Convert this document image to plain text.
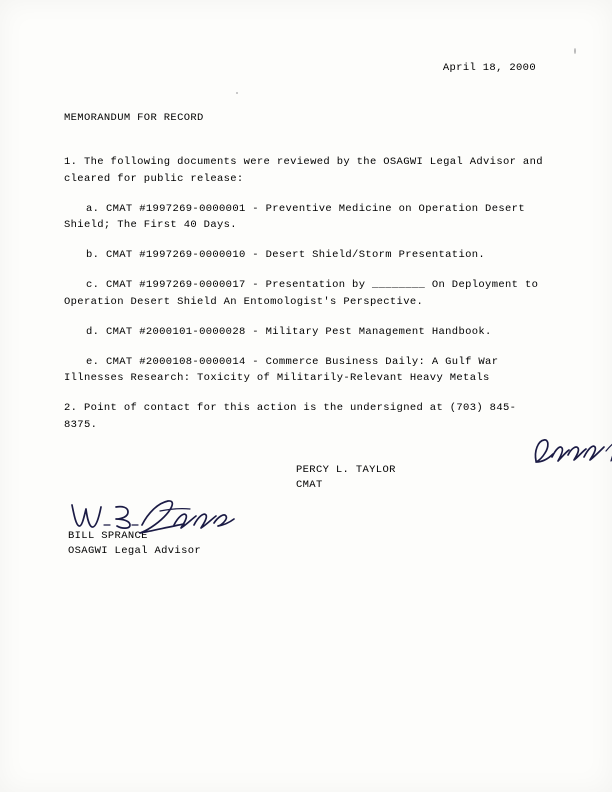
April 18, 2000
MEMORANDUM FOR RECORD
1. The following documents were reviewed by the OSAGWI Legal Advisor and cleared for public release:
a. CMAT #1997269-0000001 - Preventive Medicine on Operation Desert Shield; The First 40 Days.
b. CMAT #1997269-0000010 - Desert Shield/Storm Presentation.
c. CMAT #1997269-0000017 - Presentation by ________ On Deployment to Operation Desert Shield An Entomologist's Perspective.
d. CMAT #2000101-0000028 - Military Pest Management Handbook.
e. CMAT #2000108-0000014 - Commerce Business Daily: A Gulf War Illnesses Research: Toxicity of Militarily-Relevant Heavy Metals
2. Point of contact for this action is the undersigned at (703) 845-8375.
PERCY L. TAYLOR
CMAT
BILL SPRANCE
OSAGWI Legal Advisor
